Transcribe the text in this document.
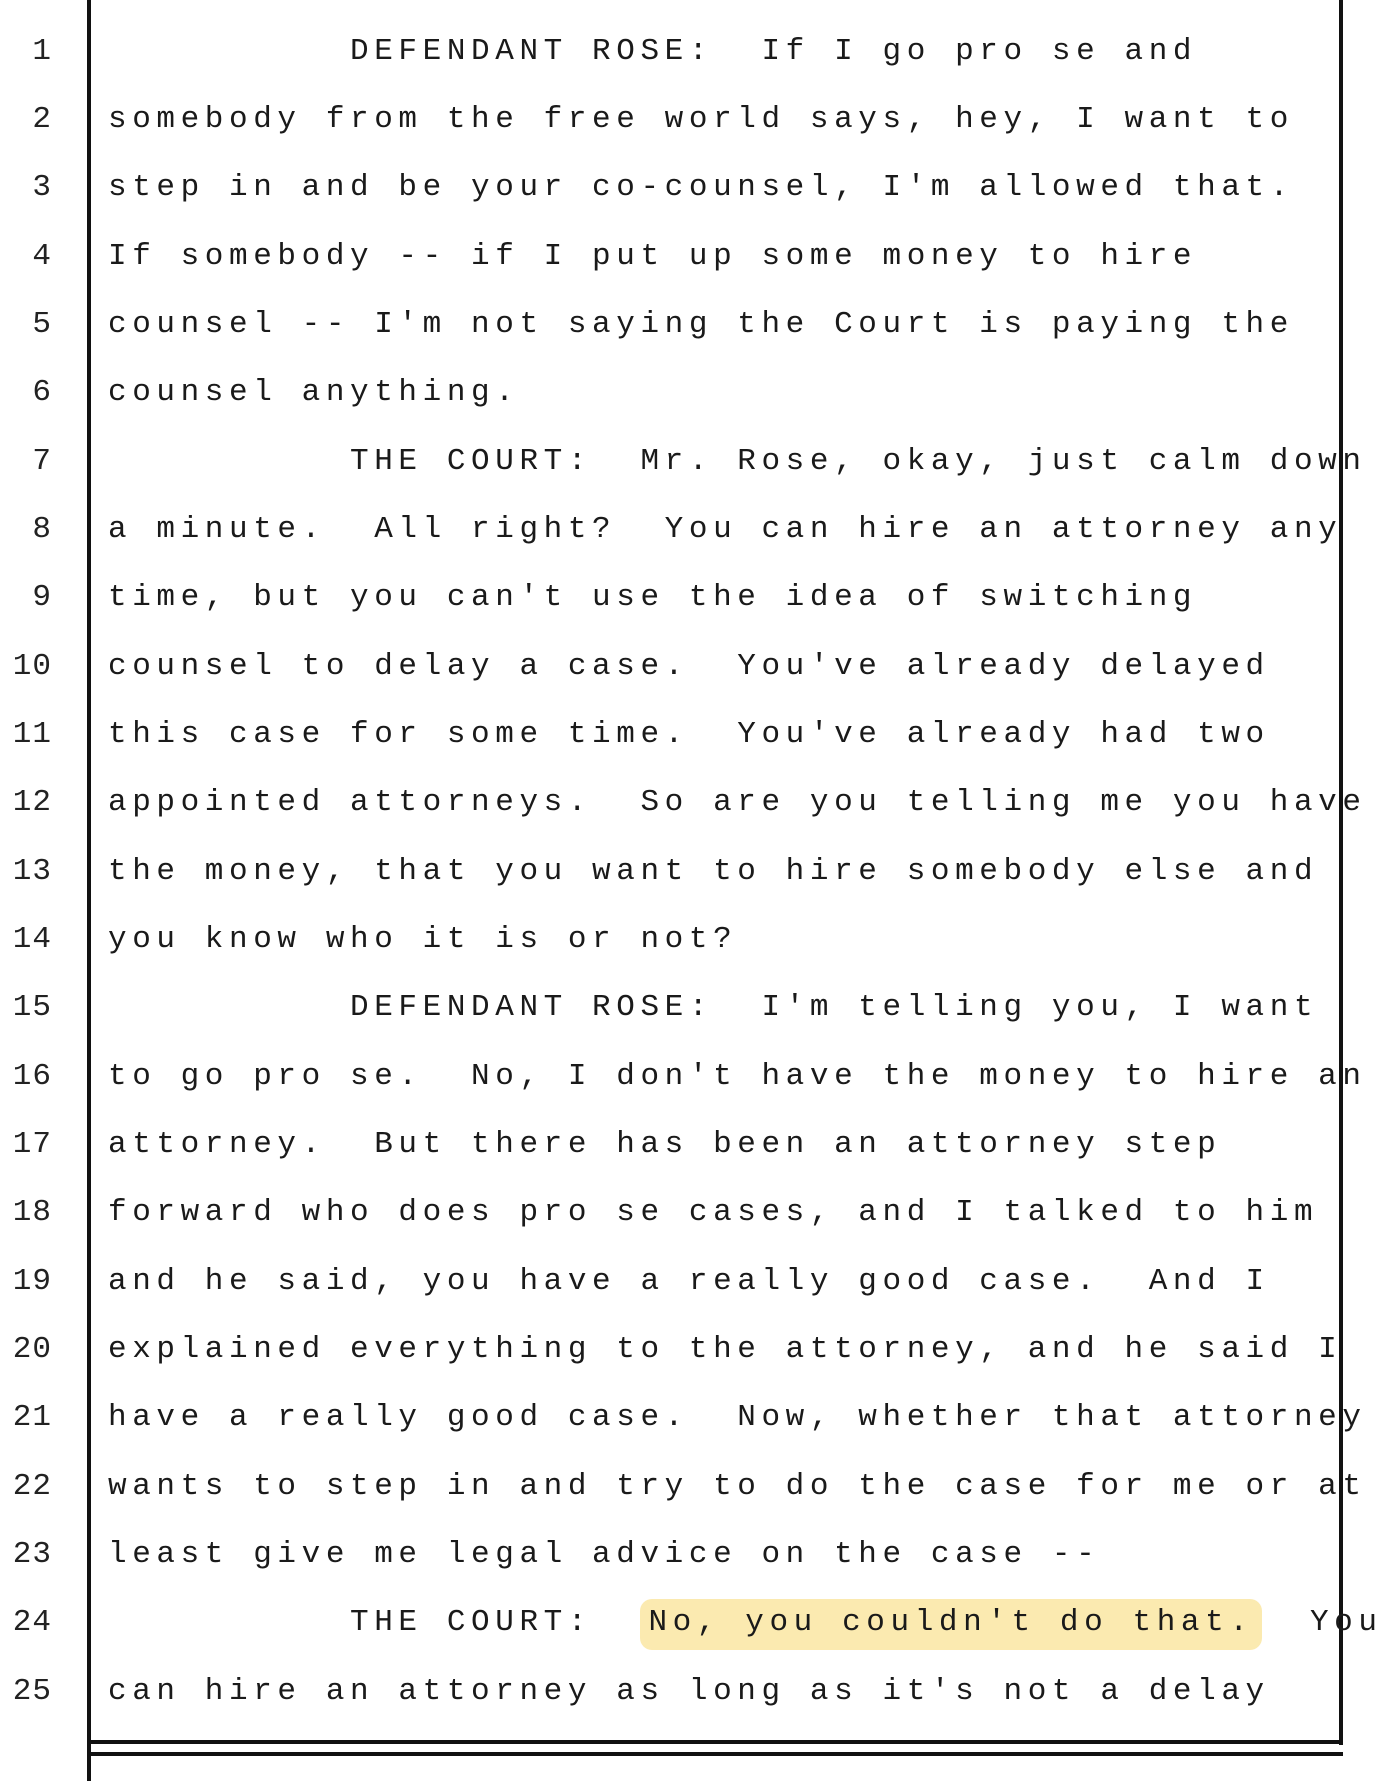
1 DEFENDANT ROSE:  If I go pro se and
2 somebody from the free world says, hey, I want to
3 step in and be your co-counsel, I'm allowed that.
4 If somebody -- if I put up some money to hire
5 counsel -- I'm not saying the Court is paying the
6 counsel anything.
7 THE COURT:  Mr. Rose, okay, just calm down
8 a minute.  All right?  You can hire an attorney any
9 time, but you can't use the idea of switching
10 counsel to delay a case.  You've already delayed
11 this case for some time.  You've already had two
12 appointed attorneys.  So are you telling me you have
13 the money, that you want to hire somebody else and
14 you know who it is or not?
15 DEFENDANT ROSE:  I'm telling you, I want
16 to go pro se.  No, I don't have the money to hire an
17 attorney.  But there has been an attorney step
18 forward who does pro se cases, and I talked to him
19 and he said, you have a really good case.  And I
20 explained everything to the attorney, and he said I
21 have a really good case.  Now, whether that attorney
22 wants to step in and try to do the case for me or at
23 least give me legal advice on the case --
24 THE COURT:  No, you couldn't do that.  You
25 can hire an attorney as long as it's not a delay
